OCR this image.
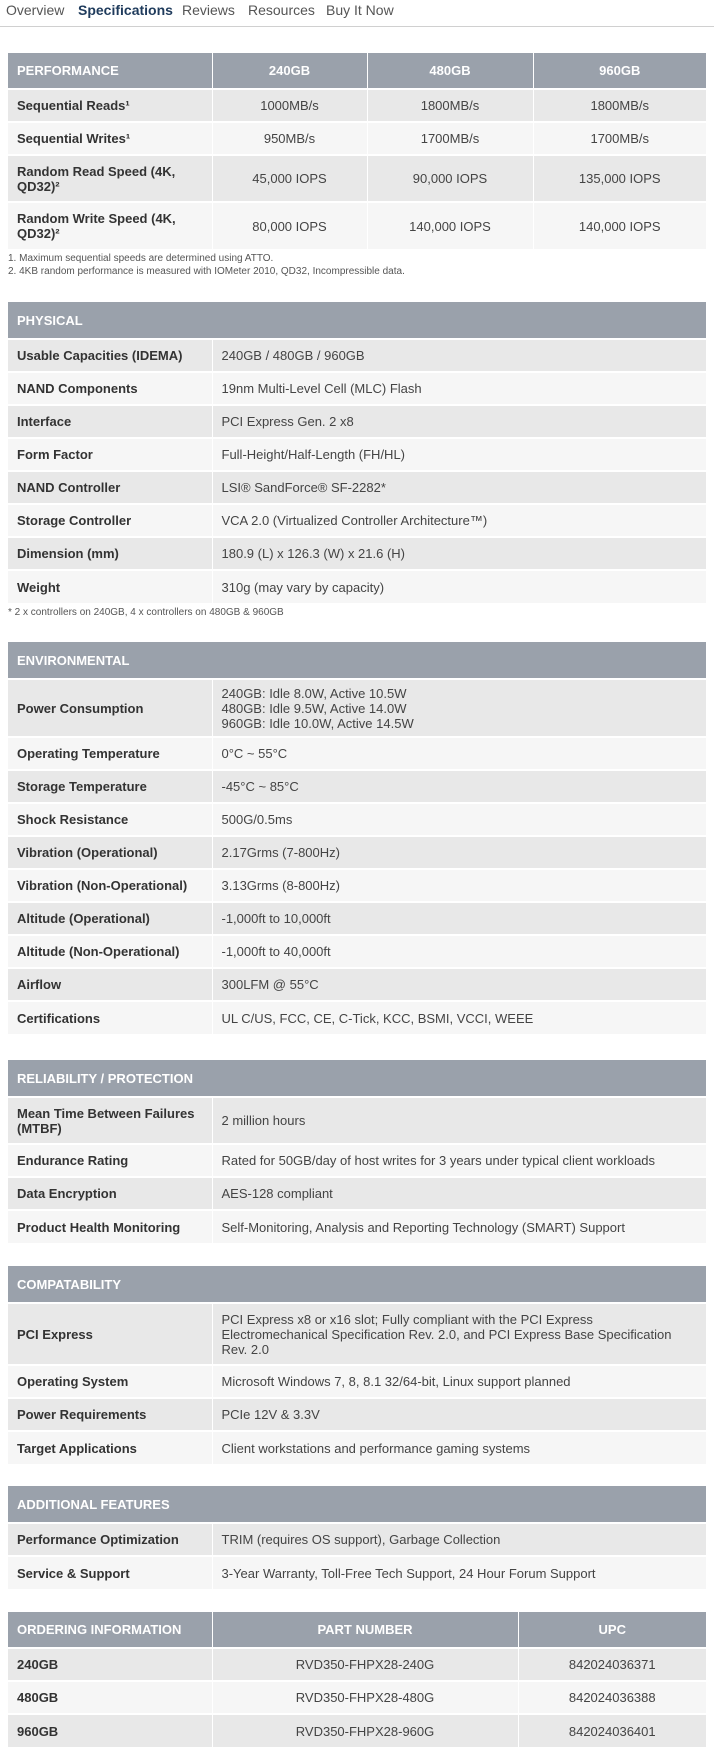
Overview Specifications Reviews Resources Buy It Now
PERFORMANCE	240GB	480GB	960GB
Sequential Reads¹	1000MB/s	1800MB/s	1800MB/s
Sequential Writes¹	950MB/s	1700MB/s	1700MB/s
Random Read Speed (4K, QD32)²	45,000 IOPS	90,000 IOPS	135,000 IOPS
Random Write Speed (4K, QD32)²	80,000 IOPS	140,000 IOPS	140,000 IOPS
1. Maximum sequential speeds are determined using ATTO.
2. 4KB random performance is measured with IOMeter 2010, QD32, Incompressible data.
PHYSICAL
Usable Capacities (IDEMA)	240GB / 480GB / 960GB
NAND Components	19nm Multi-Level Cell (MLC) Flash
Interface	PCI Express Gen. 2 x8
Form Factor	Full-Height/Half-Length (FH/HL)
NAND Controller	LSI® SandForce® SF-2282*
Storage Controller	VCA 2.0 (Virtualized Controller Architecture™)
Dimension (mm)	180.9 (L) x 126.3 (W) x 21.6 (H)
Weight	310g (may vary by capacity)
* 2 x controllers on 240GB, 4 x controllers on 480GB & 960GB
ENVIRONMENTAL
Power Consumption	240GB: Idle 8.0W, Active 10.5W
480GB: Idle 9.5W, Active 14.0W
960GB: Idle 10.0W, Active 14.5W

Operating Temperature	0°C ~ 55°C
Storage Temperature	-45°C ~ 85°C
Shock Resistance	500G/0.5ms
Vibration (Operational)	2.17Grms (7-800Hz)
Vibration (Non-Operational)	3.13Grms (8-800Hz)
Altitude (Operational)	-1,000ft to 10,000ft
Altitude (Non-Operational)	-1,000ft to 40,000ft
Airflow	300LFM @ 55°C
Certifications	UL C/US, FCC, CE, C-Tick, KCC, BSMI, VCCI, WEEE
RELIABILITY / PROTECTION
Mean Time Between Failures (MTBF)	2 million hours
Endurance Rating	Rated for 50GB/day of host writes for 3 years under typical client workloads
Data Encryption	AES-128 compliant
Product Health Monitoring	Self-Monitoring, Analysis and Reporting Technology (SMART) Support
COMPATABILITY
PCI Express	PCI Express x8 or x16 slot; Fully compliant with the PCI Express Electromechanical Specification Rev. 2.0, and PCI Express Base Specification Rev. 2.0
Operating System	Microsoft Windows 7, 8, 8.1 32/64-bit, Linux support planned
Power Requirements	PCIe 12V & 3.3V
Target Applications	Client workstations and performance gaming systems
ADDITIONAL FEATURES
Performance Optimization	TRIM (requires OS support), Garbage Collection
Service & Support	3-Year Warranty, Toll-Free Tech Support, 24 Hour Forum Support
ORDERING INFORMATION	PART NUMBER	UPC
240GB	RVD350-FHPX28-240G	842024036371
480GB	RVD350-FHPX28-480G	842024036388
960GB	RVD350-FHPX28-960G	842024036401
